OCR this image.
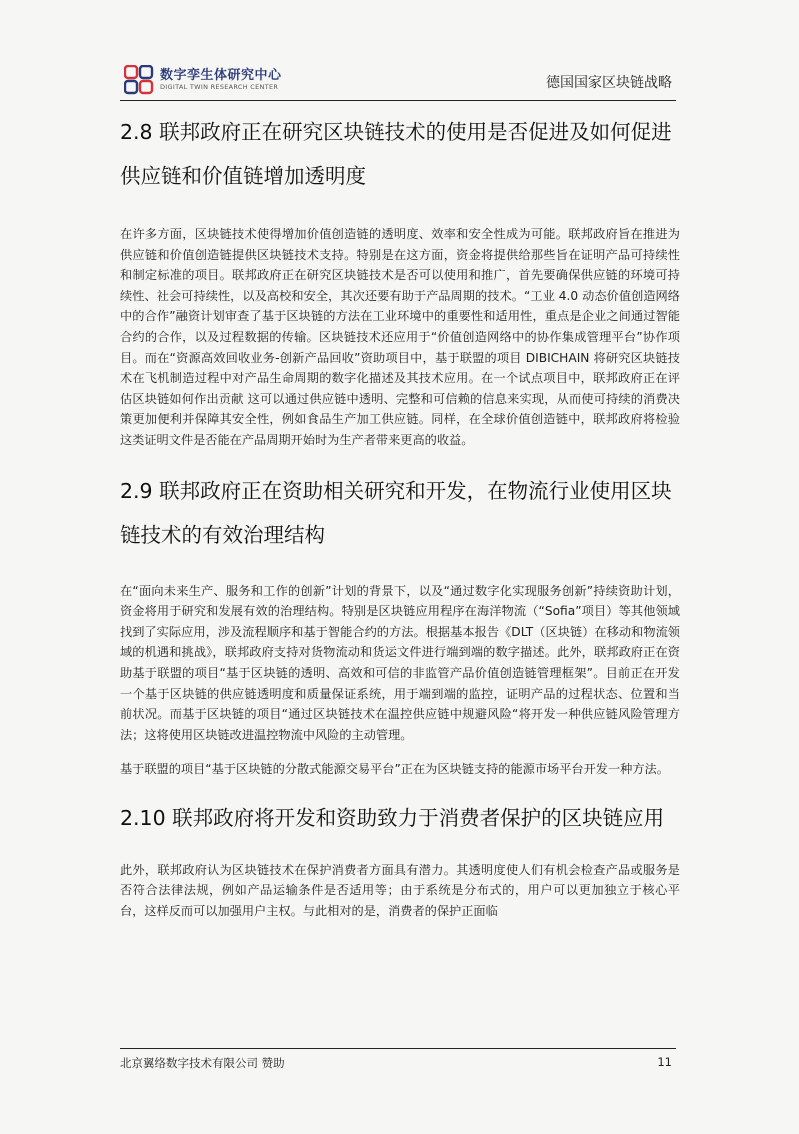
数字孪生体研究中心
DIGITAL TWIN RESEARCH CENTER	德国国家区块链战略
2.8 联邦政府正在研究区块链技术的使用是否促进及如何促进供应链和价值链增加透明度

在许多方面，区块链技术使得增加价值创造链的透明度、效率和安全性成为可能。联邦政府旨在推进为供应链和价值创造链提供区块链技术支持。特别是在这方面，资金将提供给那些旨在证明产品可持续性和制定标准的项目。联邦政府正在研究区块链技术是否可以使用和推广，首先要确保供应链的环境可持续性、社会可持续性，以及高校和安全，其次还要有助于产品周期的技术。“工业 4.0 动态价值创造网络中的合作”融资计划审查了基于区块链的方法在工业环境中的重要性和适用性，重点是企业之间通过智能合约的合作，以及过程数据的传输。区块链技术还应用于“价值创造网络中的协作集成管理平台”协作项目。而在“资源高效回收业务-创新产品回收”资助项目中，基于联盟的项目 DIBICHAIN 将研究区块链技术在飞机制造过程中对产品生命周期的数字化描述及其技术应用。在一个试点项目中，联邦政府正在评估区块链如何作出贡献 这可以通过供应链中透明、完整和可信赖的信息来实现，从而使可持续的消费决策更加便利并保障其安全性，例如食品生产加工供应链。同样，在全球价值创造链中，联邦政府将检验这类证明文件是否能在产品周期开始时为生产者带来更高的收益。

2.9 联邦政府正在资助相关研究和开发，在物流行业使用区块链技术的有效治理结构

在“面向未来生产、服务和工作的创新”计划的背景下，以及“通过数字化实现服务创新”持续资助计划，资金将用于研究和发展有效的治理结构。特别是区块链应用程序在海洋物流（“Sofia”项目）等其他领域找到了实际应用，涉及流程顺序和基于智能合约的方法。根据基本报告《DLT（区块链）在移动和物流领域的机遇和挑战》，联邦政府支持对货物流动和货运文件进行端到端的数字描述。此外，联邦政府正在资助基于联盟的项目“基于区块链的透明、高效和可信的非监管产品价值创造链管理框架”。目前正在开发一个基于区块链的供应链透明度和质量保证系统，用于端到端的监控，证明产品的过程状态、位置和当前状况。而基于区块链的项目“通过区块链技术在温控供应链中规避风险“将开发一种供应链风险管理方法；这将使用区块链改进温控物流中风险的主动管理。

基于联盟的项目“基于区块链的分散式能源交易平台”正在为区块链支持的能源市场平台开发一种方法。

2.10 联邦政府将开发和资助致力于消费者保护的区块链应用

此外，联邦政府认为区块链技术在保护消费者方面具有潜力。其透明度使人们有机会检查产品或服务是否符合法律法规，例如产品运输条件是否适用等；由于系统是分布式的，用户可以更加独立于核心平台，这样反而可以加强用户主权。与此相对的是，消费者的保护正面临

北京翼络数字技术有限公司 赞助	11
